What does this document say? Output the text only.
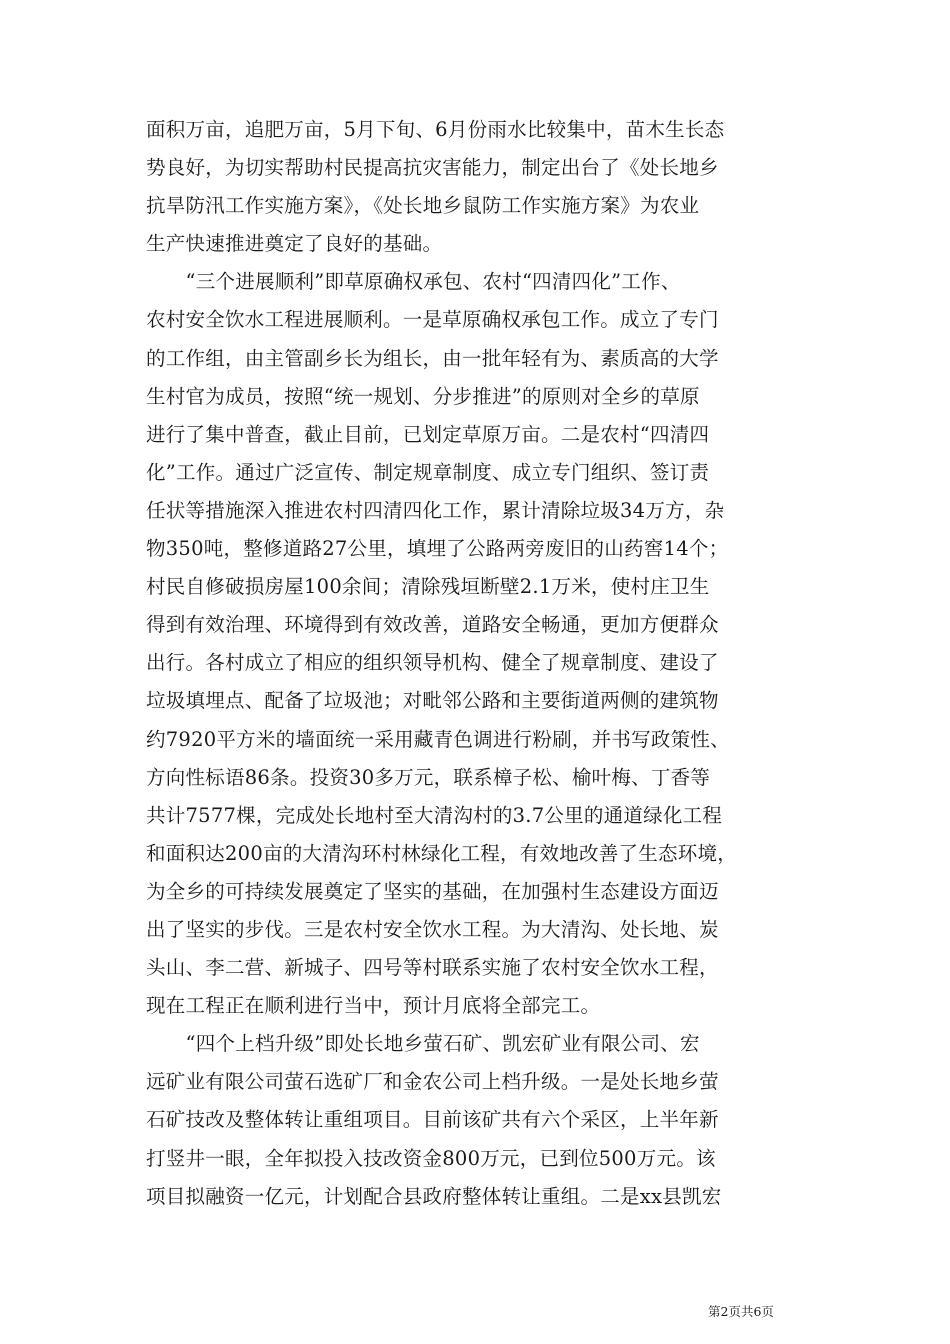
面积万亩，追肥万亩，5月下旬、6月份雨水比较集中，苗木生长态
势良好，为切实帮助村民提高抗灾害能力，制定出台了《处长地乡
抗旱防汛工作实施方案》，《处长地乡鼠防工作实施方案》为农业
生产快速推进奠定了良好的基础。
　　“三个进展顺利”即草原确权承包、农村“四清四化”工作、
农村安全饮水工程进展顺利。一是草原确权承包工作。成立了专门
的工作组，由主管副乡长为组长，由一批年轻有为、素质高的大学
生村官为成员，按照“统一规划、分步推进”的原则对全乡的草原
进行了集中普查，截止目前，已划定草原万亩。二是农村“四清四
化”工作。通过广泛宣传、制定规章制度、成立专门组织、签订责
任状等措施深入推进农村四清四化工作，累计清除垃圾34万方，杂
物350吨，整修道路27公里，填埋了公路两旁废旧的山药窖14个；
村民自修破损房屋100余间；清除残垣断壁2.1万米，使村庄卫生
得到有效治理、环境得到有效改善，道路安全畅通，更加方便群众
出行。各村成立了相应的组织领导机构、健全了规章制度、建设了
垃圾填埋点、配备了垃圾池；对毗邻公路和主要街道两侧的建筑物
约7920平方米的墙面统一采用藏青色调进行粉刷，并书写政策性、
方向性标语86条。投资30多万元，联系樟子松、榆叶梅、丁香等
共计7577棵，完成处长地村至大清沟村的3.7公里的通道绿化工程
和面积达200亩的大清沟环村林绿化工程，有效地改善了生态环境，
为全乡的可持续发展奠定了坚实的基础，在加强村生态建设方面迈
出了坚实的步伐。三是农村安全饮水工程。为大清沟、处长地、炭
头山、李二营、新城子、四号等村联系实施了农村安全饮水工程，
现在工程正在顺利进行当中，预计月底将全部完工。
　　“四个上档升级”即处长地乡萤石矿、凯宏矿业有限公司、宏
远矿业有限公司萤石选矿厂和金农公司上档升级。一是处长地乡萤
石矿技改及整体转让重组项目。目前该矿共有六个采区，上半年新
打竖井一眼，全年拟投入技改资金800万元，已到位500万元。该
项目拟融资一亿元，计划配合县政府整体转让重组。二是xx县凯宏
第2页共6页
